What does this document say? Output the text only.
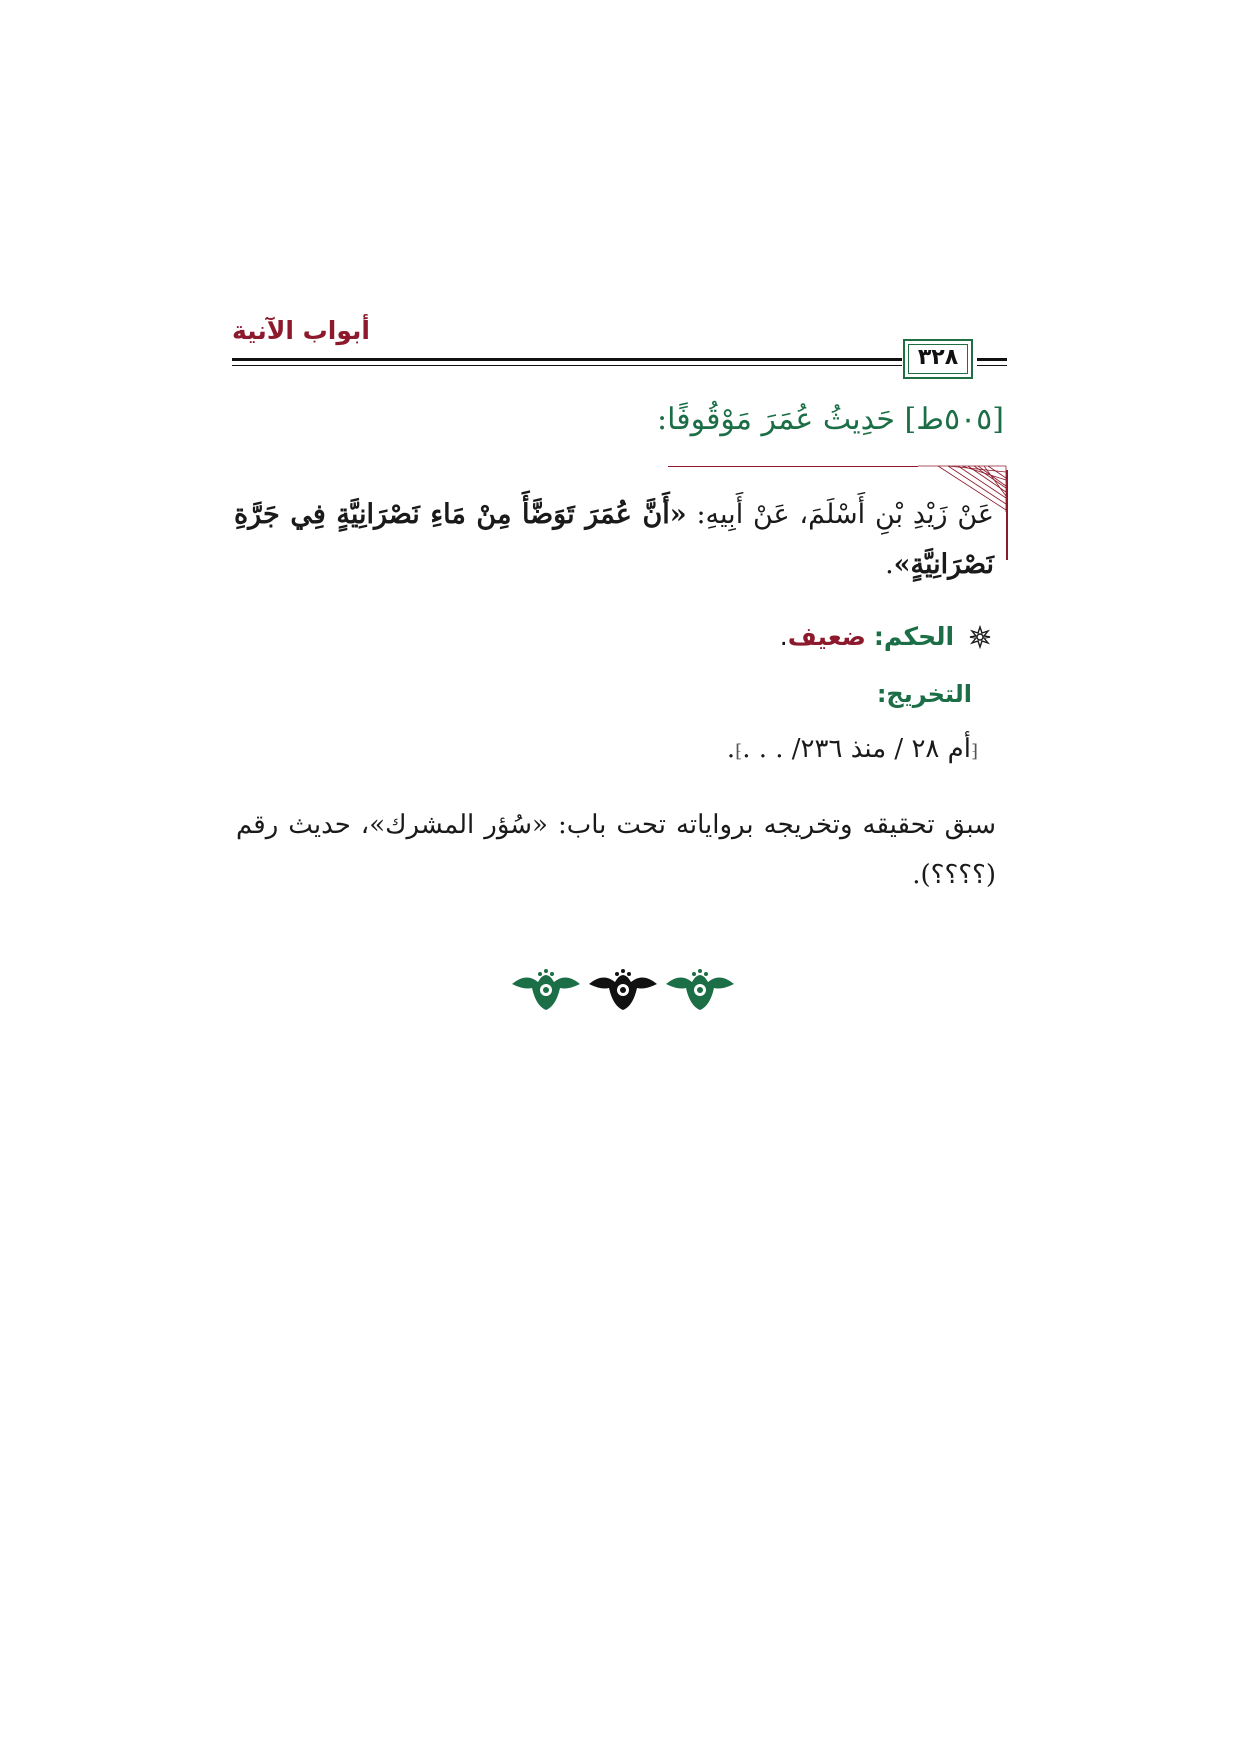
أبواب الآنية
٣٢٨
[٥٠٥ط] حَدِيثُ عُمَرَ مَوْقُوفًا:
عَنْ زَيْدِ بْنِ أَسْلَمَ، عَنْ أَبِيهِ: «أَنَّ عُمَرَ تَوَضَّأَ مِنْ مَاءِ نَصْرَانِيَّةٍ فِي جَرَّةِ نَصْرَانِيَّةٍ».
الحكم: ضعيف.
التخريج:
⁅أم ٢٨ / منذ ٢٣٦/ . . .⁆.
سبق تحقيقه وتخريجه برواياته تحت باب: «سُؤر المشرك»، حديث رقم (؟؟؟؟).
